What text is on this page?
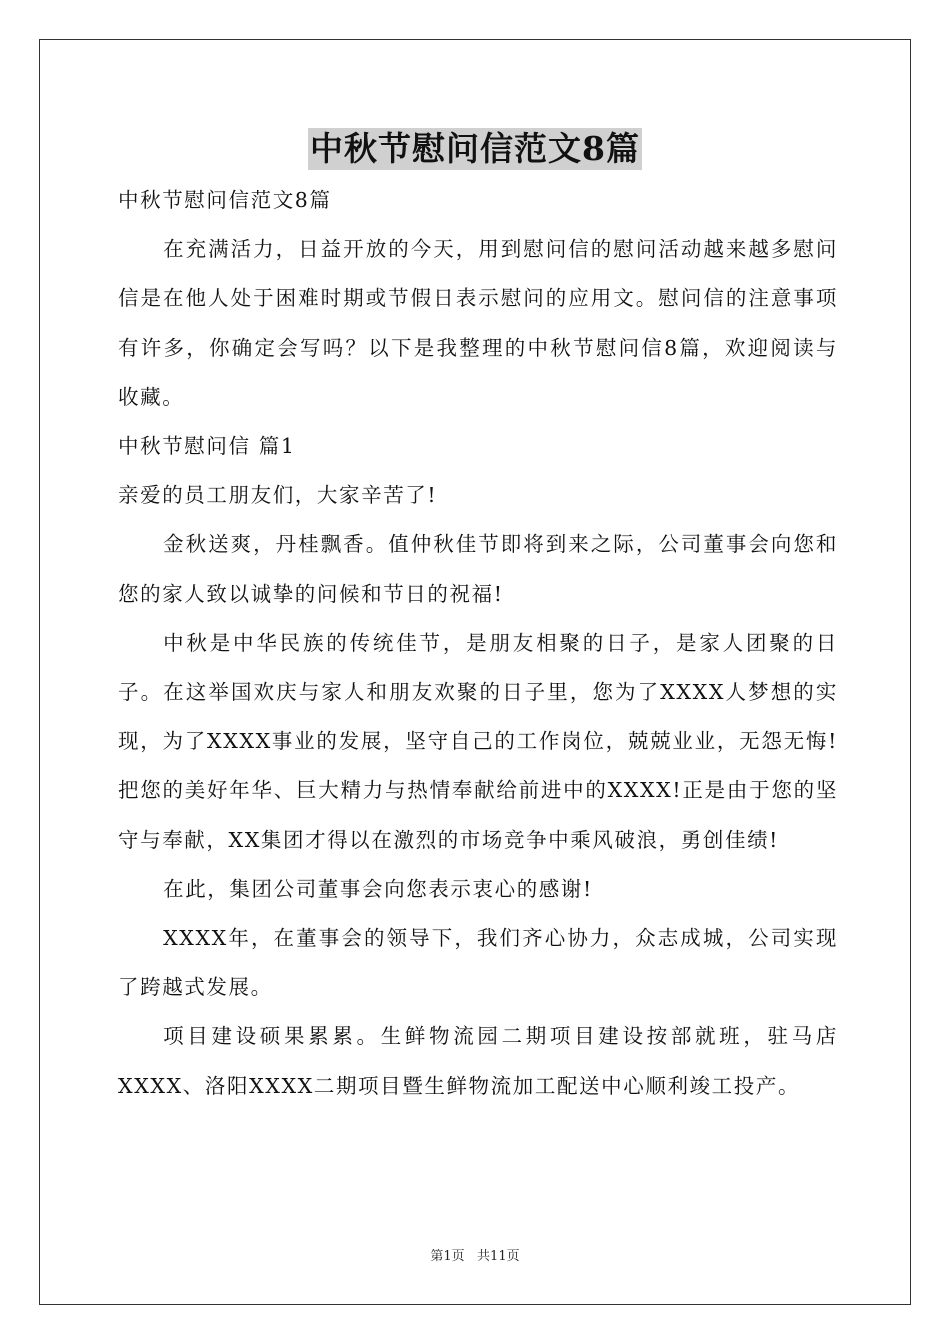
中秋节慰问信范文8篇

中秋节慰问信范文8篇

在充满活力，日益开放的今天，用到慰问信的慰问活动越来越多慰问信是在他人处于困难时期或节假日表示慰问的应用文。慰问信的注意事项有许多，你确定会写吗？以下是我整理的中秋节慰问信8篇，欢迎阅读与收藏。

中秋节慰问信 篇1

亲爱的员工朋友们，大家辛苦了!

金秋送爽，丹桂飘香。值仲秋佳节即将到来之际，公司董事会向您和您的家人致以诚挚的问候和节日的祝福!

中秋是中华民族的传统佳节，是朋友相聚的日子，是家人团聚的日子。在这举国欢庆与家人和朋友欢聚的日子里，您为了XXXX人梦想的实现，为了XXXX事业的发展，坚守自己的工作岗位，兢兢业业，无怨无悔!把您的美好年华、巨大精力与热情奉献给前进中的XXXX!正是由于您的坚守与奉献，XX集团才得以在激烈的市场竞争中乘风破浪，勇创佳绩!

在此，集团公司董事会向您表示衷心的感谢!

XXXX年，在董事会的领导下，我们齐心协力，众志成城，公司实现了跨越式发展。

项目建设硕果累累。生鲜物流园二期项目建设按部就班，驻马店XXXX、洛阳XXXX二期项目暨生鲜物流加工配送中心顺利竣工投产。

第1页   共11页
